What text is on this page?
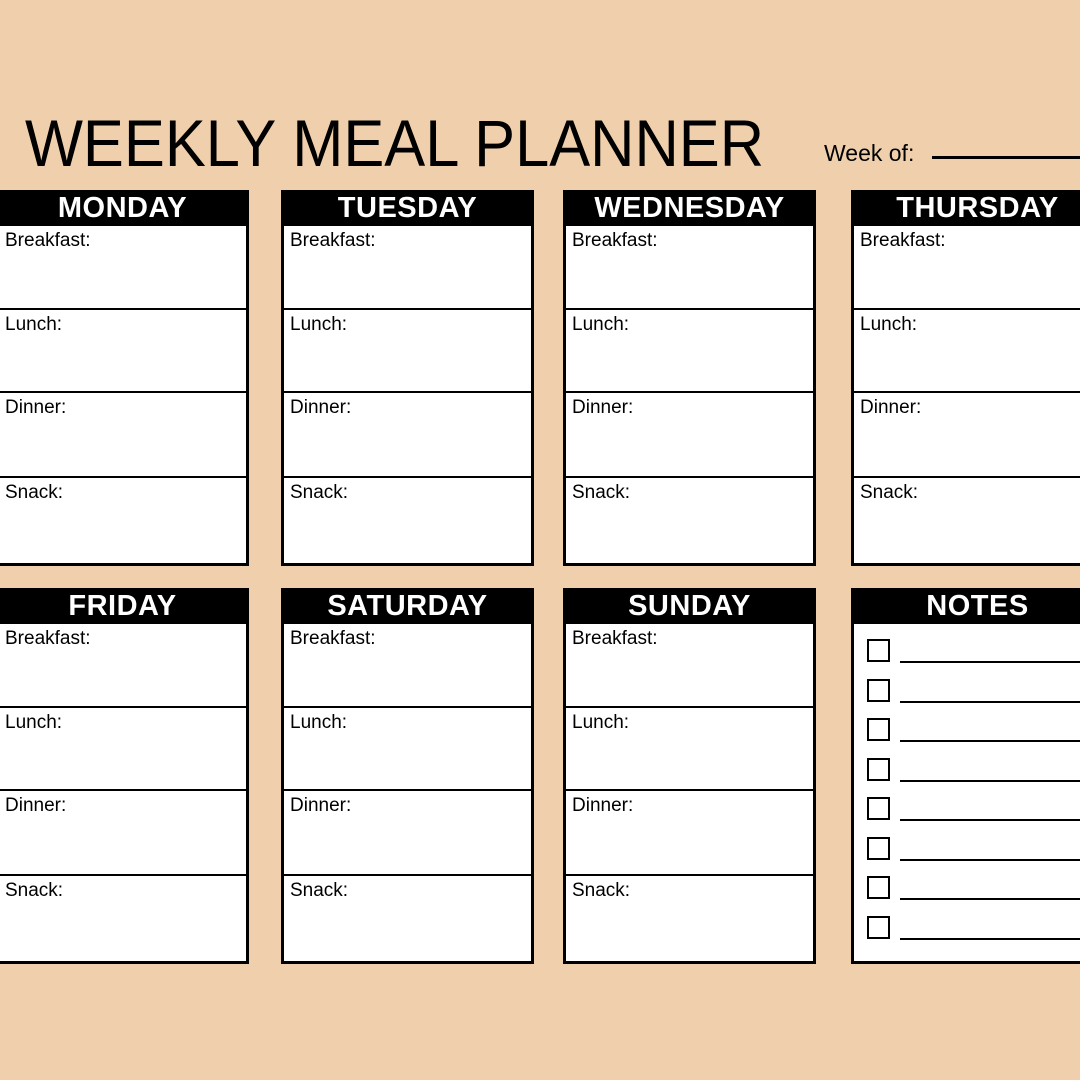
WEEKLY MEAL PLANNER	Week of:
MONDAY
Breakfast:
Lunch:
Dinner:
Snack:
TUESDAY
Breakfast:
Lunch:
Dinner:
Snack:
WEDNESDAY
Breakfast:
Lunch:
Dinner:
Snack:
THURSDAY
Breakfast:
Lunch:
Dinner:
Snack:
FRIDAY
Breakfast:
Lunch:
Dinner:
Snack:
SATURDAY
Breakfast:
Lunch:
Dinner:
Snack:
SUNDAY
Breakfast:
Lunch:
Dinner:
Snack:
NOTES
